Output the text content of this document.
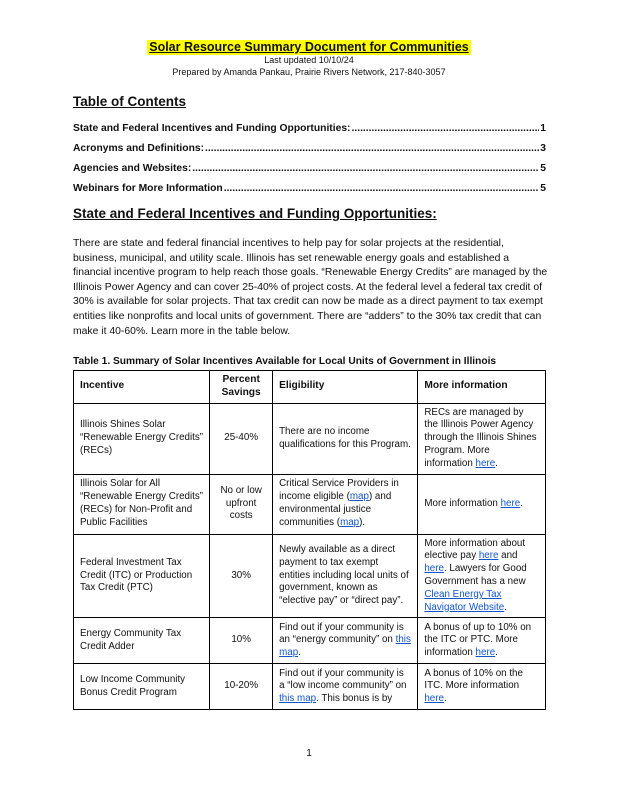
Solar Resource Summary Document for Communities
Last updated 10/10/24
Prepared by Amanda Pankau, Prairie Rivers Network, 217-840-3057
Table of Contents
State and Federal Incentives and Funding Opportunities: .....	1
Acronyms and Definitions: .....	3
Agencies and Websites: .....	5
Webinars for More Information .....	5
State and Federal Incentives and Funding Opportunities:
There are state and federal financial incentives to help pay for solar projects at the residential, business, municipal, and utility scale. Illinois has set renewable energy goals and established a financial incentive program to help reach those goals. “Renewable Energy Credits” are managed by the Illinois Power Agency and can cover 25-40% of project costs. At the federal level a federal tax credit of 30% is available for solar projects. That tax credit can now be made as a direct payment to tax exempt entities like nonprofits and local units of government. There are “adders” to the 30% tax credit that can make it 40-60%. Learn more in the table below.
Table 1. Summary of Solar Incentives Available for Local Units of Government in Illinois
Incentive	Percent Savings	Eligibility	More information
Illinois Shines Solar “Renewable Energy Credits” (RECs)	25-40%	There are no income qualifications for this Program.	RECs are managed by the Illinois Power Agency through the Illinois Shines Program. More information here.
Illinois Solar for All “Renewable Energy Credits” (RECs) for Non-Profit and Public Facilities	No or low upfront costs	Critical Service Providers in income eligible (map) and environmental justice communities (map).	More information here.
Federal Investment Tax Credit (ITC) or Production Tax Credit (PTC)	30%	Newly available as a direct payment to tax exempt entities including local units of government, known as “elective pay” or “direct pay”.	More information about elective pay here and here. Lawyers for Good Government has a new Clean Energy Tax Navigator Website.
Energy Community Tax Credit Adder	10%	Find out if your community is an “energy community” on this map.	A bonus of up to 10% on the ITC or PTC. More information here.
Low Income Community Bonus Credit Program	10-20%	Find out if your community is a “low income community” on this map. This bonus is by	A bonus of 10% on the ITC. More information here.
1
